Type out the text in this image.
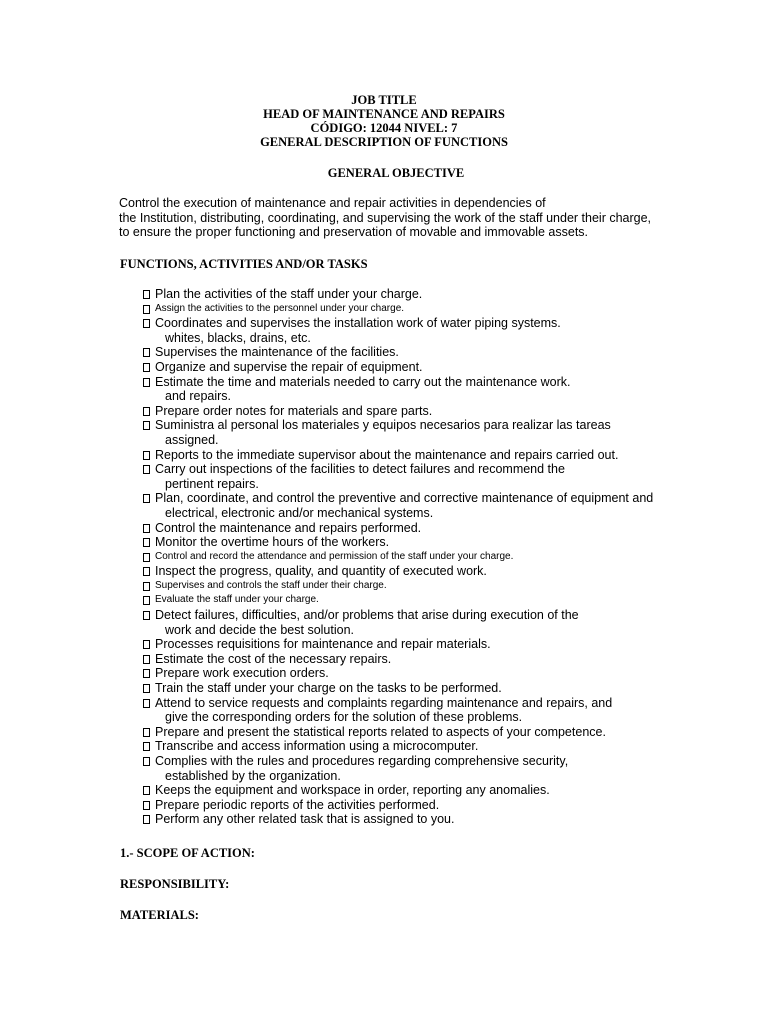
JOB TITLE
HEAD OF MAINTENANCE AND REPAIRS
CÓDIGO: 12044 NIVEL: 7
GENERAL DESCRIPTION OF FUNCTIONS
GENERAL OBJECTIVE
Control the execution of maintenance and repair activities in dependencies of
the Institution, distributing, coordinating, and supervising the work of the staff under their charge,
to ensure the proper functioning and preservation of movable and immovable assets.
FUNCTIONS, ACTIVITIES AND/OR TASKS
Plan the activities of the staff under your charge.
Assign the activities to the personnel under your charge.
Coordinates and supervises the installation work of water piping systems.
whites, blacks, drains, etc.
Supervises the maintenance of the facilities.
Organize and supervise the repair of equipment.
Estimate the time and materials needed to carry out the maintenance work.
and repairs.
Prepare order notes for materials and spare parts.
Suministra al personal los materiales y equipos necesarios para realizar las tareas
assigned.
Reports to the immediate supervisor about the maintenance and repairs carried out.
Carry out inspections of the facilities to detect failures and recommend the
pertinent repairs.
Plan, coordinate, and control the preventive and corrective maintenance of equipment and
electrical, electronic and/or mechanical systems.
Control the maintenance and repairs performed.
Monitor the overtime hours of the workers.
Control and record the attendance and permission of the staff under your charge.
Inspect the progress, quality, and quantity of executed work.
Supervises and controls the staff under their charge.
Evaluate the staff under your charge.
Detect failures, difficulties, and/or problems that arise during execution of the
work and decide the best solution.
Processes requisitions for maintenance and repair materials.
Estimate the cost of the necessary repairs.
Prepare work execution orders.
Train the staff under your charge on the tasks to be performed.
Attend to service requests and complaints regarding maintenance and repairs, and
give the corresponding orders for the solution of these problems.
Prepare and present the statistical reports related to aspects of your competence.
Transcribe and access information using a microcomputer.
Complies with the rules and procedures regarding comprehensive security,
established by the organization.
Keeps the equipment and workspace in order, reporting any anomalies.
Prepare periodic reports of the activities performed.
Perform any other related task that is assigned to you.
1.- SCOPE OF ACTION:
RESPONSIBILITY:
MATERIALS:
